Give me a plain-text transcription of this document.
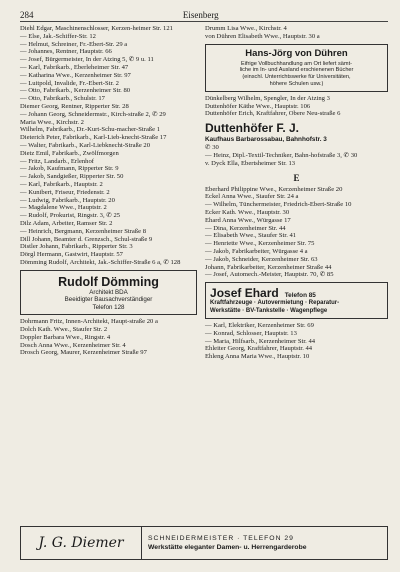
284	Eisenberg

Diehl Edgar, Maschinenschlosser, Kerzen-heimer Str. 121

— Else, Jak.-Schiffer-Str. 12

— Helmut, Schreiner, Fr.-Ebert-Str. 29 a

— Johannes, Rentner, Hauptstr. 66

— Josef, Bürgermeister, In der Atzing 5, ✆ 9 u. 11

— Karl, Fabrikarb., Eberleheimer Str. 47

— Katharina Wwe., Kerzenheimer Str. 97

— Luitpold, Invalide, Fr.-Ebert-Str. 2

— Otto, Fabrikarb., Kerzenheimer Str. 80

— Otto, Fabrikarb., Schulstr. 17

Diemer Georg, Rentner, Ripperter Str. 28

— Johann Georg, Schneidermstr., Kirch-straße 2, ✆ 29

Maria Wwe., Kirchstr. 2

Wilhelm, Fabrikarb., Dr.-Kurt-Schu-macher-Straße 1

Dieterich Peter, Fabrikarb., Karl-Lieb-knecht-Straße 17

— Walter, Fabrikarb., Karl-Liebknecht-Straße 20

Dietz Emil, Fabrikarb., Zwölfmorgen

— Fritz, Landarb., Erlenhof

— Jakob, Kaufmann, Ripperter Str. 9

— Jakob, Sandgießer, Ripperter Str. 50

— Karl, Fabrikarb., Hauptstr. 2

— Kunibert, Friseur, Friedenstr. 2

— Ludwig, Fabrikarb., Hauptstr. 20

— Magdalene Wwe., Hauptstr. 2

— Rudolf, Prokurist, Ringstr. 3, ✆ 25

Dilz Adam, Arbeiter, Ramser Str. 2

— Heinrich, Bergmann, Kerzenheimer Straße 8

Dill Johann, Beamter d. Grenzsch., Schul-straße 9

Distler Johann, Fabrikarb., Ripperter Str. 3

Dörgl Hermann, Gastwirt, Hauptstr. 57

Dömming Rudolf, Architekt, Jak.-Schiffer-Straße 6 a, ✆ 128

Rudolf Dömming
Architekt BDA
Beeidigter Bausachverständiger
Telefon 128

Dohrmann Fritz, Innen-Architekt, Haupt-straße 20 a

Dolch Kath. Wwe., Staufer Str. 2

Doppler Barbara Wwe., Ringstr. 4

Dosch Anna Wwe., Kerzenheimer Str. 4

Drosch Georg, Maurer, Kerzenheimer Straße 97

Drumm Lisa Wwe., Kirchstr. 4

von Dühren Elisabeth Wwe., Hauptstr. 30 a

Hans-Jörg von Dühren
Eifrige Vollbuchhandlung am Ort liefert sämt-
liche im In- und Ausland erschienenen Bücher
(einschl. Unterrichtswerke für Universitäten,
höhere Schulen usw.)

Dünkelberg Wilhelm, Spengler, In der Atzing 3

Duttenhöfer Käthe Wwe., Hauptstr. 106

Duttenhöfer Erich, Kraftfahrer, Obere Neu-straße 6

Duttenhöfer F. J.
Kaufhaus Barbarossabau, Bahnhofstr. 3

✆ 30

— Heinz, Dipl.-Textil-Techniker, Bahn-hofstraße 3, ✆ 30

v. Dyck Ella, Ebertsheimer Str. 13

E

Eberhard Philippine Wwe., Kerzenheimer Straße 20

Eckel Anna Wwe., Staufer Str. 24 a

— Wilhelm, Tünchermeister, Friedrich-Ebert-Straße 10

Ecker Kath. Wwe., Hauptstr. 30

Ehard Anna Wwe., Würgasse 17

— Dina, Kerzenheimer Str. 44

— Elisabeth Wwe., Staufer Str. 41

— Henriette Wwe., Kerzenheimer Str. 75

— Jakob, Fabrikarbeiter, Würgasse 4 a

— Jakob, Schneider, Kerzenheimer Str. 63

Johann, Fabrikarbeiter, Kerzenheimer Straße 44

— Josef, Automech.-Meister, Hauptstr. 70, ✆ 85

Josef Ehard Telefon 85
Kraftfahrzeuge · Autovermietung · Reparatur-
Werkstätte · BV-Tankstelle · Wagenpflege

— Karl, Elektriker, Kerzenheimer Str. 69

— Konrad, Schlosser, Hauptstr. 13

— Maria, Hilfsarb., Kerzenheimer Str. 44

Ehleiter Georg, Kraftfahrer, Hauptstr. 44

Ehleng Anna Maria Wwe., Hauptstr. 10

J. G. Diemer	SCHNEIDERMEISTER · TELEFON 29
Werkstätte eleganter Damen- u. Herrengarderobe
